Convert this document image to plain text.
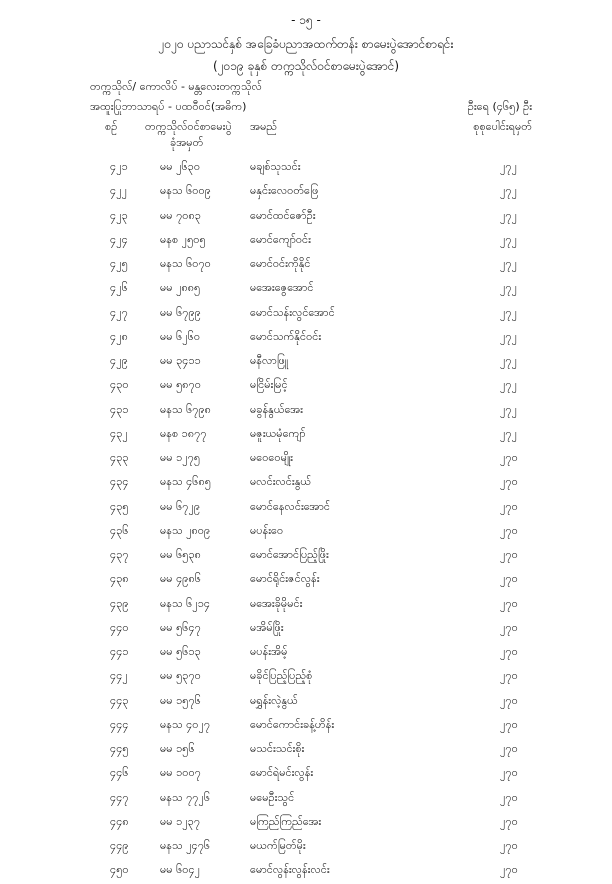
- ၁၅ -
၂၀၂၀ ပညာသင်နှစ် အခြေခံပညာအထက်တန်း စာမေးပွဲအောင်စာရင်း
(၂၀၁၉ ခုနှစ် တက္ကသိုလ်ဝင်စာမေးပွဲအောင်)
တက္ကသိုလ်/ ကောလိပ် - မန္တလေးတက္ကသိုလ်
အထူးပြုဘာသာရပ် - ပထဝီဝင်(အဓိက)	ဦးရေ (၄၆၅) ဦး
စဉ်	တက္ကသိုလ်ဝင်စာမေးပွဲ
ခုံအမှတ်
အမည်	စုစုပေါင်းရမှတ်
၄၂၁	မမ ၂၆၃၀	မချစ်သုသင်း	၂၇၂
၄၂၂	မနသ ၆၀၀၉	မနှင်းလေဝတ်ဖြေ	၂၇၂
၄၂၃	မမ ၇၀၈၃	မောင်ထင်ဇော်ဦး	၂၇၂
၄၂၄	မနစ ၂၅၀၅	မောင်ကျော်ဝင်း	၂၇၂
၄၂၅	မနသ ၆၀၇၀	မောင်ဝင်းကိုနိုင်	၂၇၂
၄၂၆	မမ ၂၈၈၅	မအေးဇွေအောင်	၂၇၂
၄၂၇	မမ ၆၇၉၉	မောင်သန်းလွင်အောင်	၂၇၂
၄၂၈	မမ ၆၂၆၀	မောင်သက်နိုင်ဝင်း	၂၇၂
၄၂၉	မမ ၃၄၁၁	မနီလာဖြူ	၂၇၂
၄၃၀	မမ ၅၈၇၀	မငြိမ်းမြင့်	၂၇၂
၄၃၁	မနသ ၆၇၉၈	မခွန်နွယ်အေး	၂၇၂
၄၃၂	မနစ ၁၈၇၇	မဇူးယမုံကျော်	၂၇၂
၄၃၃	မမ ၁၂၇၅	မဝေဝေမျိုး	၂၇၀
၄၃၄	မနသ ၄၆၈၅	မလင်းလင်းနွယ်	၂၇၀
၄၃၅	မမ ၆၇၂၉	မောင်နေလင်းအောင်	၂၇၀
၄၃၆	မနသ ၂၈၀၉	မပန်းဝေ	၂၇၀
၄၃၇	မမ ၆၅၃၈	မောင်အောင်ပြည့်ဖြိုး	၂၇၀
၄၃၈	မမ ၄၉၈၆	မောင်ရိုင်းဇင်လွန်း	၂၇၀
၄၃၉	မနသ ၆၂၁၄	မအေးခိုမိုမင်း	၂၇၀
၄၄၀	မမ ၅၆၄၇	မအိမ်ဖြိုး	၂၇၀
၄၄၁	မမ ၅၆၁၃	မပန်းအိမ့်	၂၇၀
၄၄၂	မမ ၅၃၇၀	မခိုင်ပြည့်ပြည့်စုံ	၂၇၀
၄၄၃	မမ ၁၅၇၆	မရွှန်းလဲ့နွယ်	၂၇၀
၄၄၄	မနသ ၄၀၂၇	မောင်ကောင်းခန့်ဟိန်း	၂၇၀
၄၄၅	မမ ၁၅၆	မသင်းသင်းစိုး	၂၇၀
၄၄၆	မမ ၁၀၀၇	မောင်ရဲမင်းလွန်း	၂၇၀
၄၄၇	မနသ ၇၇၂၆	မမေဦးသွင်	၂၇၀
၄၄၈	မမ ၁၂၃၇	မကြည်ကြည်အေး	၂၇၀
၄၄၉	မနသ ၂၄၇၆	မယက်မြတ်မိုး	၂၇၀
၄၅၀	မမ ၆၀၄၂	မောင်လွန်းလွန်းလင်း	၂၇၀
